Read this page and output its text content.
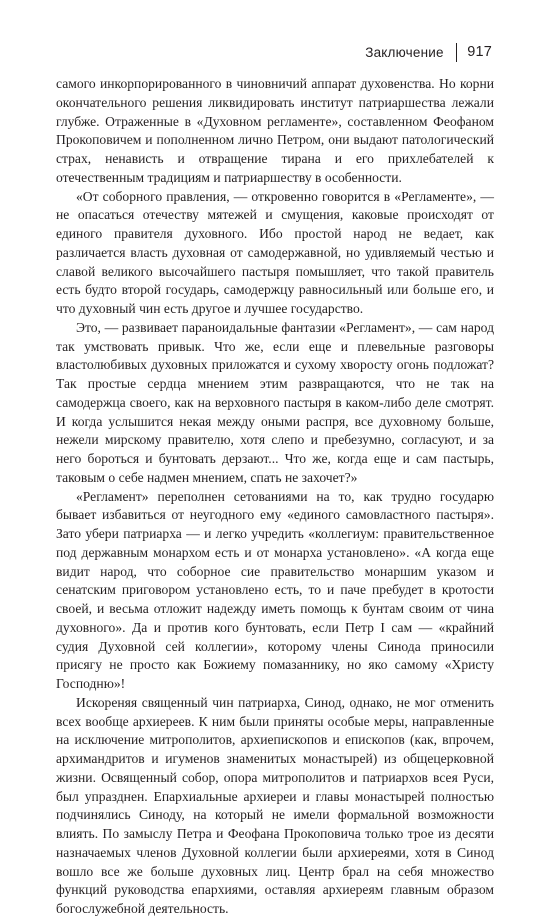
Заключение 917

самого инкорпорированного в чиновничий аппарат духовенства. Но корни окончательного решения ликвидировать институт патриаршества лежали глубже. Отраженные в «Духовном регламенте», составленном Феофаном Прокоповичем и пополненном лично Петром, они выдают патологический страх, ненависть и отвращение тирана и его прихлебателей к отечественным традициям и патриаршеству в особенности.

«От соборного правления, — откровенно говорится в «Регламенте», — не опасаться отечеству мятежей и смущения, каковые происходят от единого правителя духовного. Ибо простой народ не ведает, как различается власть духовная от самодержавной, но удивляемый честью и славой великого высочайшего пастыря помышляет, что такой правитель есть будто второй государь, самодержцу равносильный или больше его, и что духовный чин есть другое и лучшее государство.

Это, — развивает параноидальные фантазии «Регламент», — сам народ так умствовать привык. Что же, если еще и плевельные разговоры властолюбивых духовных приложатся и сухому хворосту огонь подложат? Так простые сердца мнением этим развращаются, что не так на самодержца своего, как на верховного пастыря в каком-либо деле смотрят. И когда услышится некая между оными распря, все духовному больше, нежели мирскому правителю, хотя слепо и пребезумно, согласуют, и за него бороться и бунтовать дерзают... Что же, когда еще и сам пастырь, таковым о себе надмен мнением, спать не захочет?»

«Регламент» переполнен сетованиями на то, как трудно государю бывает избавиться от неугодного ему «единого самовластного пастыря». Зато убери патриарха — и легко учредить «коллегиум: правительственное под державным монархом есть и от монарха установлено». «А когда еще видит народ, что соборное сие правительство монаршим указом и сенатским приговором установлено есть, то и паче пребудет в кротости своей, и весьма отложит надежду иметь помощь к бунтам своим от чина духовного». Да и против кого бунтовать, если Петр I сам — «крайний судия Духовной сей коллегии», которому члены Синода приносили присягу не просто как Божиему помазаннику, но яко самому «Христу Господню»!

Искореняя священный чин патриарха, Синод, однако, не мог отменить всех вообще архиереев. К ним были приняты особые меры, направленные на исключение митрополитов, архиепископов и епископов (как, впрочем, архимандритов и игуменов знаменитых монастырей) из общецерковной жизни. Освященный собор, опора митрополитов и патриархов всея Руси, был упразднен. Епархиальные архиереи и главы монастырей полностью подчинялись Синоду, на который не имели формальной возможности влиять. По замыслу Петра и Феофана Прокоповича только трое из десяти назначаемых членов Духовной коллегии были архиереями, хотя в Синод вошло все же больше духовных лиц. Центр брал на себя множество функций руководства епархиями, оставляя архиереям главным образом богослужебной деятельность.
